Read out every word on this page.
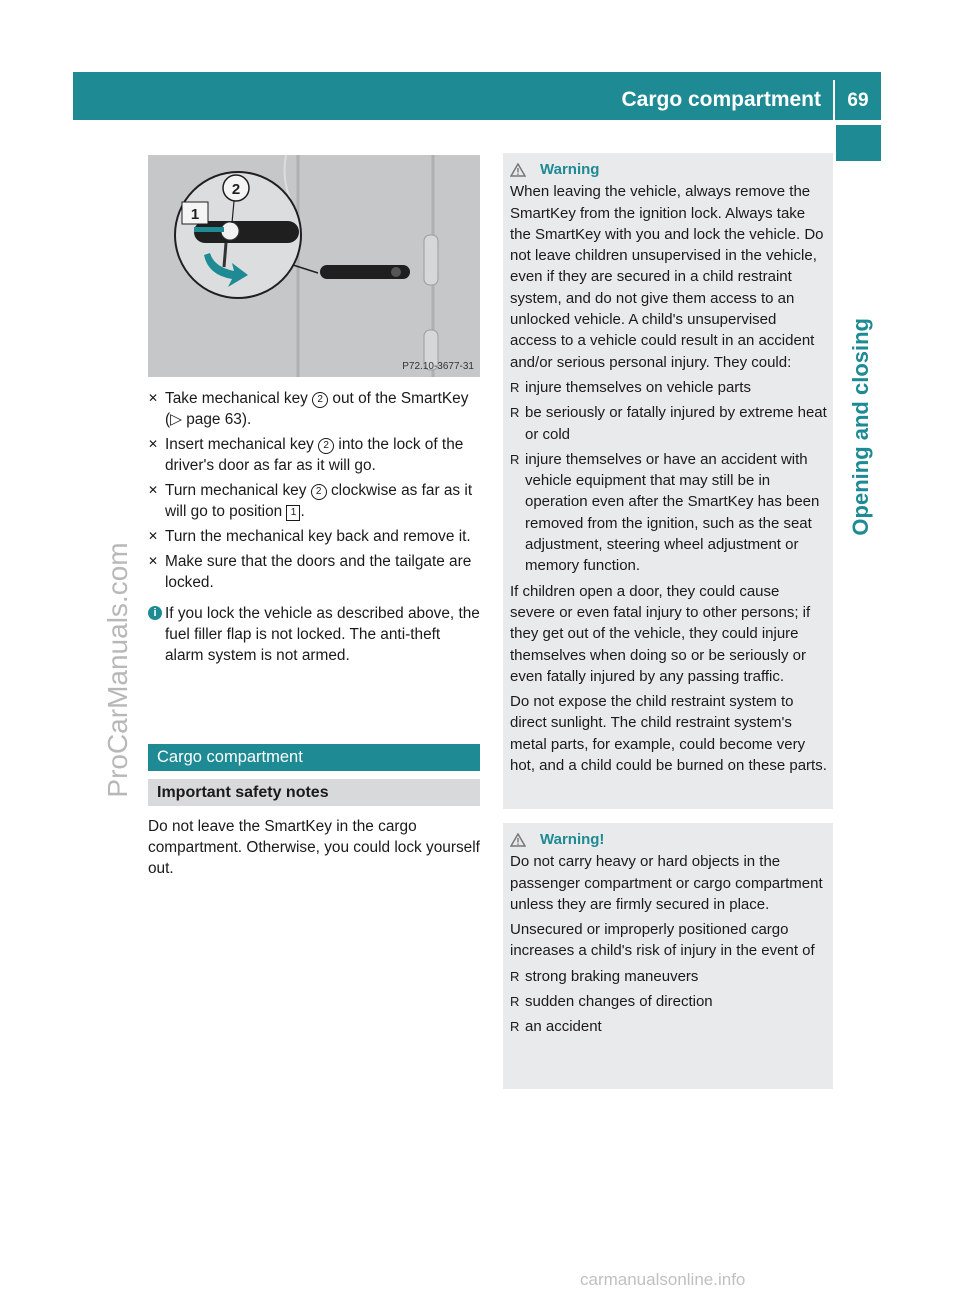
Cargo compartment	69
Opening and closing
ProCarManuals.com
1
2
P72.10-3677-31
✕ Take mechanical key 2 out of the SmartKey (▷ page 63).
✕ Insert mechanical key 2 into the lock of the driver's door as far as it will go.
✕ Turn mechanical key 2 clockwise as far as it will go to position 1 .
✕ Turn the mechanical key back and remove it.
✕ Make sure that the doors and the tailgate are locked.
i If you lock the vehicle as described above, the fuel filler flap is not locked. The anti-theft alarm system is not armed.
Cargo compartment
Important safety notes
Do not leave the SmartKey in the cargo compartment. Otherwise, you could lock yourself out.
Warning

When leaving the vehicle, always remove the SmartKey from the ignition lock. Always take the SmartKey with you and lock the vehicle. Do not leave children unsupervised in the vehicle, even if they are secured in a child restraint system, and do not give them access to an unlocked vehicle. A child's unsupervised access to a vehicle could result in an accident and/or serious personal injury. They could:

R injure themselves on vehicle parts
R be seriously or fatally injured by extreme heat or cold
R injure themselves or have an accident with vehicle equipment that may still be in operation even after the SmartKey has been removed from the ignition, such as the seat adjustment, steering wheel adjustment or memory function.

If children open a door, they could cause severe or even fatal injury to other persons; if they get out of the vehicle, they could injure themselves when doing so or be seriously or even fatally injured by any passing traffic.

Do not expose the child restraint system to direct sunlight. The child restraint system's metal parts, for example, could become very hot, and a child could be burned on these parts.

Warning!

Do not carry heavy or hard objects in the passenger compartment or cargo compartment unless they are firmly secured in place.

Unsecured or improperly positioned cargo increases a child's risk of injury in the event of

R strong braking maneuvers
R sudden changes of direction
R an accident
carmanualsonline.info
